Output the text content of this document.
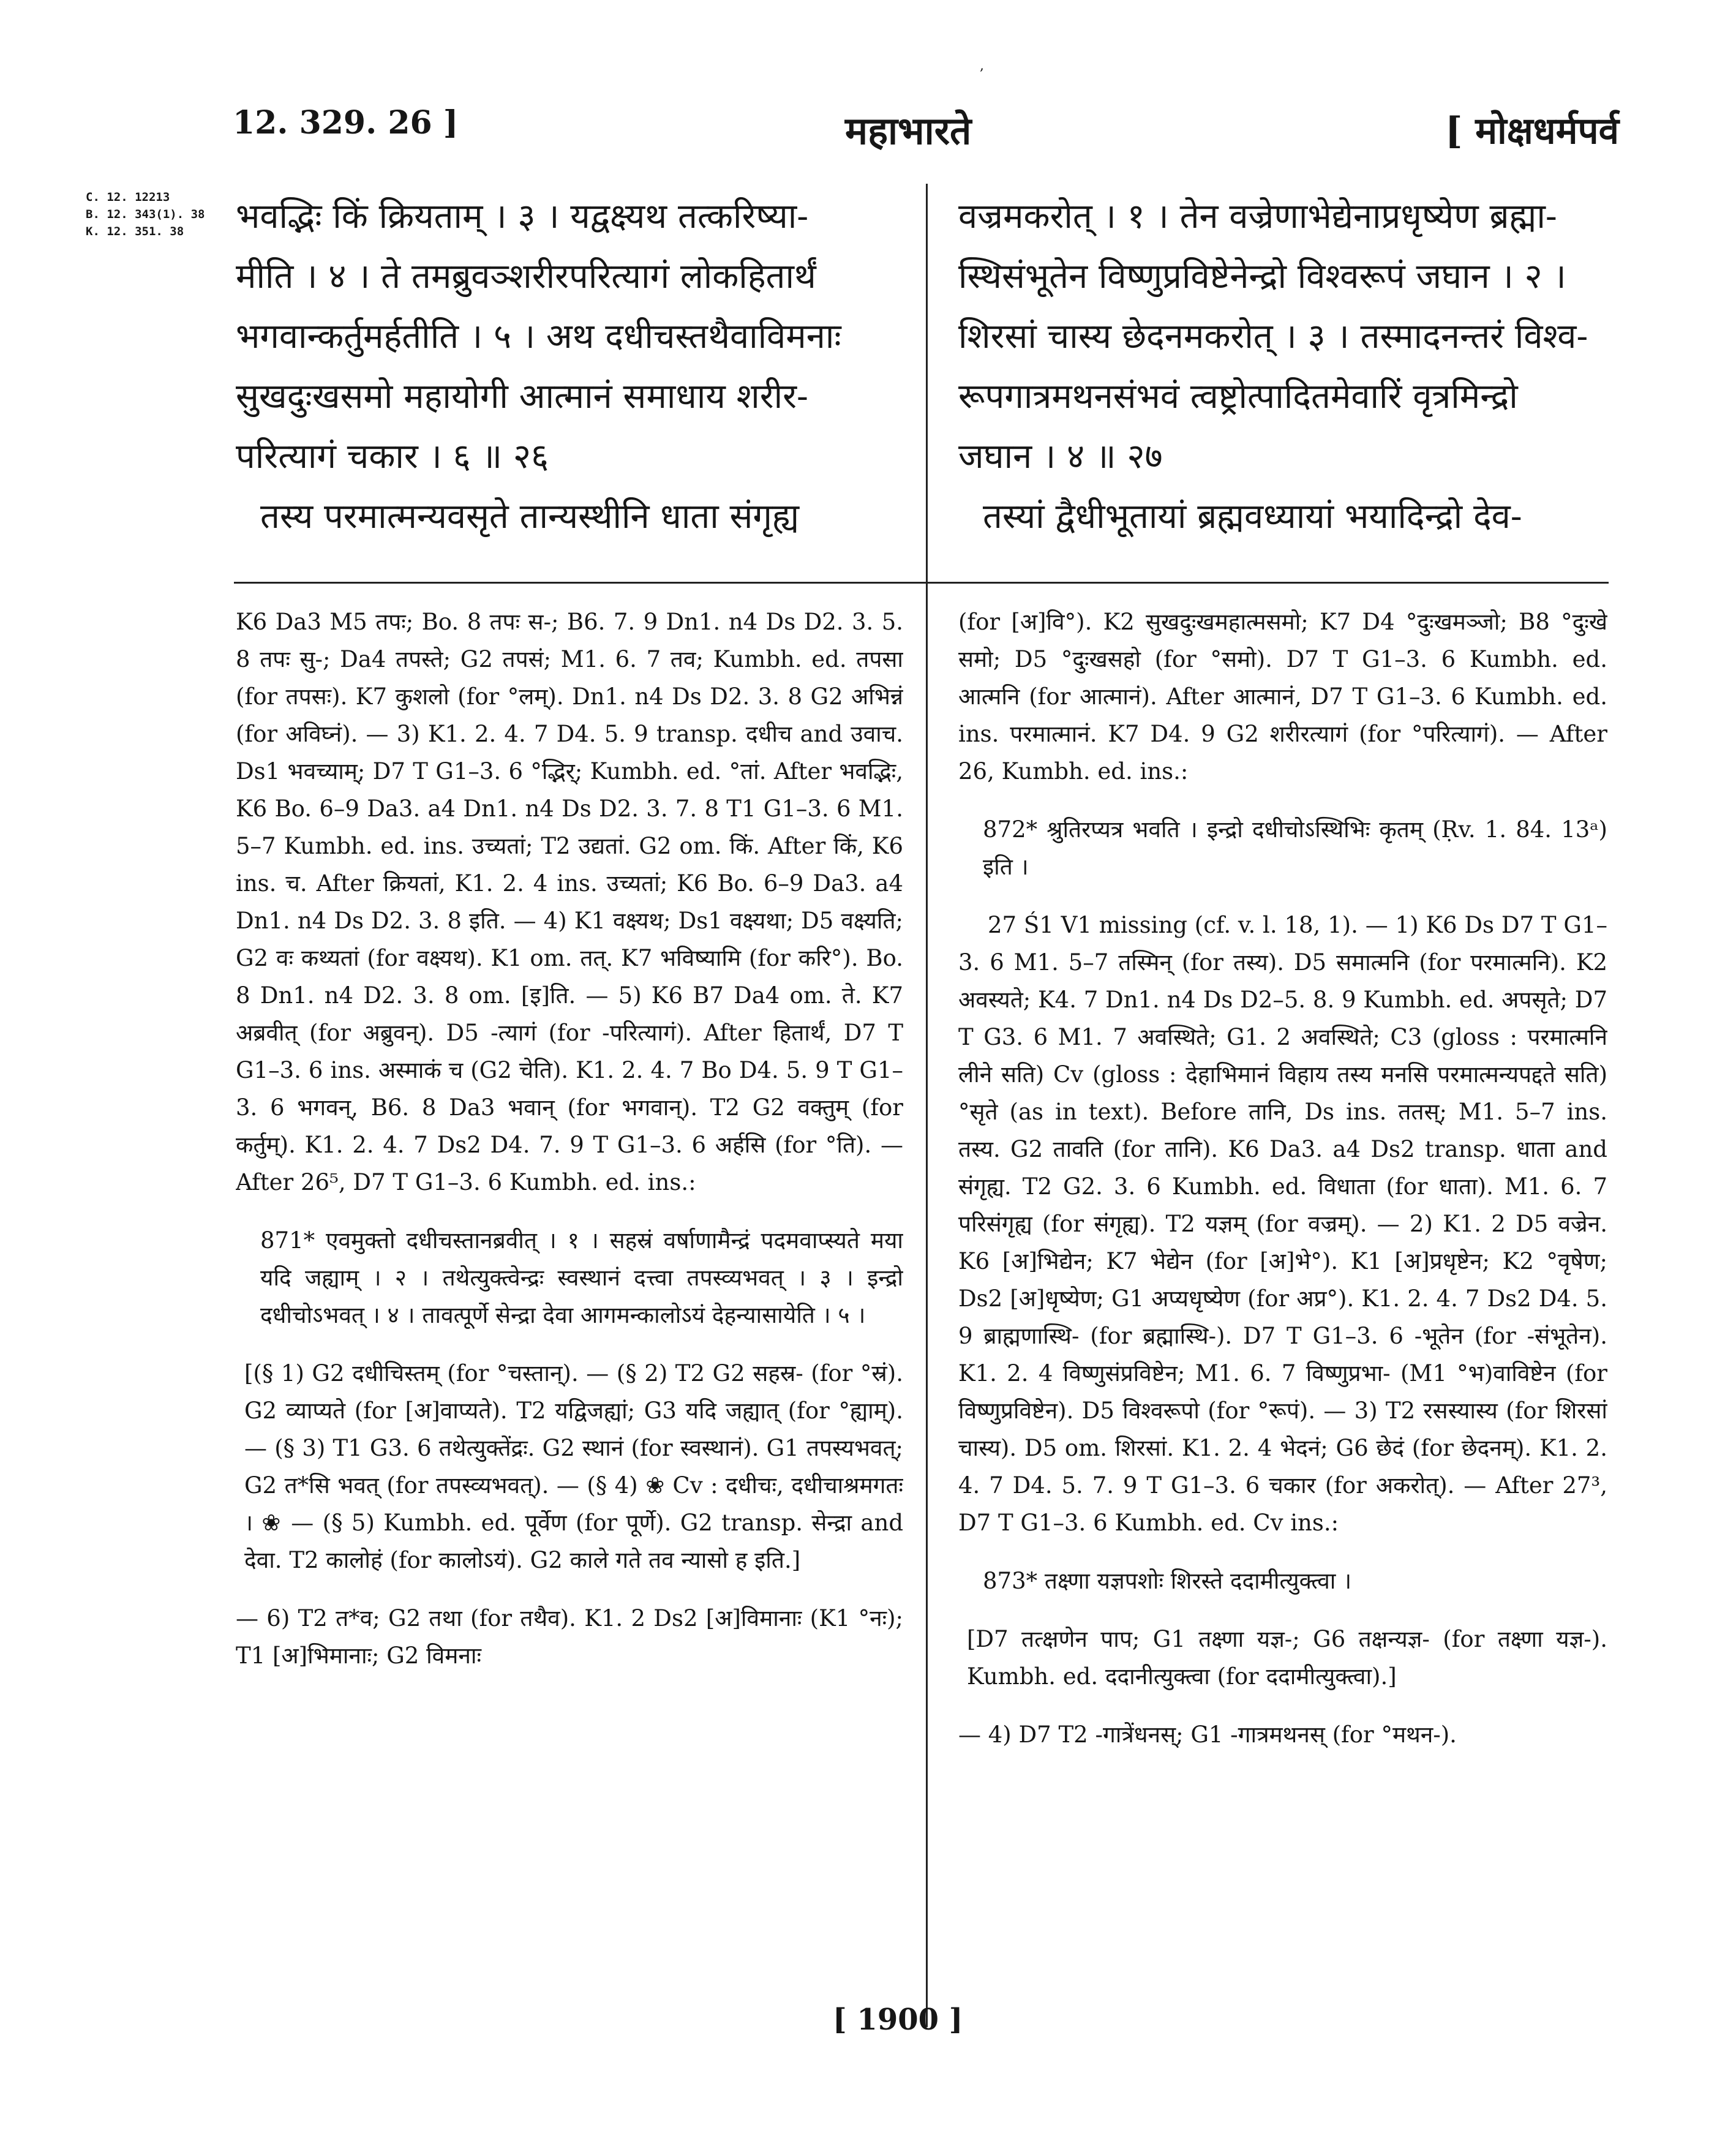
12. 329. 26 ]	महाभारते	[ मोक्षधर्मपर्व
,
C. 12. 12213
B. 12. 343(1). 38
K. 12. 351. 38	भवद्भिः किं क्रियताम् । ३ । यद्वक्ष्यथ तत्करिष्या-

मीति । ४ । ते तमब्रुवञ्शरीरपरित्यागं लोकहितार्थं

भगवान्कर्तुमर्हतीति । ५ । अथ दधीचस्तथैवाविमनाः

सुखदुःखसमो महायोगी आत्मानं समाधाय शरीर-

परित्यागं चकार । ६ ॥ २६

तस्य परमात्मन्यवसृते तान्यस्थीनि धाता संगृह्य

वज्रमकरोत् । १ । तेन वज्रेणाभेद्येनाप्रधृष्येण ब्रह्मा-

स्थिसंभूतेन विष्णुप्रविष्टेनेन्द्रो विश्वरूपं जघान । २ ।

शिरसां चास्य छेदनमकरोत् । ३ । तस्मादनन्तरं विश्व-

रूपगात्रमथनसंभवं त्वष्ट्रोत्पादितमेवारिं वृत्रमिन्द्रो

जघान । ४ ॥ २७

तस्यां द्वैधीभूतायां ब्रह्मवध्यायां भयादिन्द्रो देव-

K6 Da3 M5 तपः; Bo. 8 तपः स-; B6. 7. 9 Dn1. n4 Ds D2. 3. 5. 8 तपः सु-; Da4 तपस्ते; G2 तपसं; M1. 6. 7 तव; Kumbh. ed. तपसा (for तपसः). K7 कुशलो (for °लम्). Dn1. n4 Ds D2. 3. 8 G2 अभिन्नं (for अविघ्नं). — 3) K1. 2. 4. 7 D4. 5. 9 transp. दधीच and उवाच. Ds1 भवच्याम्; D7 T G1–3. 6 °द्भिर्; Kumbh. ed. °तां. After भवद्भिः, K6 Bo. 6–9 Da3. a4 Dn1. n4 Ds D2. 3. 7. 8 T1 G1–3. 6 M1. 5–7 Kumbh. ed. ins. उच्यतां; T2 उद्यतां. G2 om. किं. After किं, K6 ins. च. After क्रियतां, K1. 2. 4 ins. उच्यतां; K6 Bo. 6–9 Da3. a4 Dn1. n4 Ds D2. 3. 8 इति. — 4) K1 वक्ष्यथ; Ds1 वक्ष्यथा; D5 वक्ष्यति; G2 वः कथ्यतां (for वक्ष्यथ). K1 om. तत्. K7 भविष्यामि (for करि°). Bo. 8 Dn1. n4 D2. 3. 8 om. [इ]ति. — 5) K6 B7 Da4 om. ते. K7 अब्रवीत् (for अब्रुवन्). D5 -त्यागं (for -परित्यागं). After हितार्थं, D7 T G1–3. 6 ins. अस्माकं च (G2 चेति). K1. 2. 4. 7 Bo D4. 5. 9 T G1–3. 6 भगवन्, B6. 8 Da3 भवान् (for भगवान्). T2 G2 वक्तुम् (for कर्तुम्). K1. 2. 4. 7 Ds2 D4. 7. 9 T G1–3. 6 अर्हसि (for °ति). — After 26⁵, D7 T G1–3. 6 Kumbh. ed. ins.:

871* एवमुक्तो दधीचस्तानब्रवीत् । १ । सहस्रं वर्षाणामैन्द्रं पदमवाप्स्यते मया यदि जह्याम् । २ । तथेत्युक्त्वेन्द्रः स्वस्थानं दत्त्वा तपस्व्यभवत् । ३ । इन्द्रो दधीचोऽभवत् । ४ । तावत्पूर्णे सेन्द्रा देवा आगमन्कालोऽयं देहन्यासायेति । ५ ।

[(§ 1) G2 दधीचिस्तम् (for °चस्तान्). — (§ 2) T2 G2 सहस्र- (for °स्रं). G2 व्याप्यते (for [अ]वाप्यते). T2 यद्विजह्यां; G3 यदि जह्यात् (for °ह्याम्). — (§ 3) T1 G3. 6 तथेत्युक्तेंद्रः. G2 स्थानं (for स्वस्थानं). G1 तपस्यभवत्; G2 त*सि भवत् (for तपस्व्यभवत्). — (§ 4) ❀ Cv : दधीचः, दधीचाश्रमगतः । ❀ — (§ 5) Kumbh. ed. पूर्वेण (for पूर्णे). G2 transp. सेन्द्रा and देवा. T2 कालोहं (for कालोऽयं). G2 काले गते तव न्यासो ह इति.]

— 6) T2 त*व; G2 तथा (for तथैव). K1. 2 Ds2 [अ]विमानाः (K1 °नः); T1 [अ]भिमानाः; G2 विमनाः

(for [अ]वि°). K2 सुखदुःखमहात्मसमो; K7 D4 °दुःखमञ्जो; B8 °दुःखे समो; D5 °दुःखसहो (for °समो). D7 T G1–3. 6 Kumbh. ed. आत्मनि (for आत्मानं). After आत्मानं, D7 T G1–3. 6 Kumbh. ed. ins. परमात्मानं. K7 D4. 9 G2 शरीरत्यागं (for °परित्यागं). — After 26, Kumbh. ed. ins.:

872* श्रुतिरप्यत्र भवति । इन्द्रो दधीचोऽस्थिभिः कृतम् (Ṛv. 1. 84. 13ᵃ) इति ।

27 Ś1 V1 missing (cf. v. l. 18, 1). — 1) K6 Ds D7 T G1–3. 6 M1. 5–7 तस्मिन् (for तस्य). D5 समात्मनि (for परमात्मनि). K2 अवस्यते; K4. 7 Dn1. n4 Ds D2–5. 8. 9 Kumbh. ed. अपसृते; D7 T G3. 6 M1. 7 अवस्थिते; G1. 2 अवस्थिते; C3 (gloss : परमात्मनि लीने सति) Cv (gloss : देहाभिमानं विहाय तस्य मनसि परमात्मन्यपद्दते सति) °सृते (as in text). Before तानि, Ds ins. ततस्; M1. 5–7 ins. तस्य. G2 तावति (for तानि). K6 Da3. a4 Ds2 transp. धाता and संगृह्य. T2 G2. 3. 6 Kumbh. ed. विधाता (for धाता). M1. 6. 7 परिसंगृह्य (for संगृह्य). T2 यज्ञम् (for वज्रम्). — 2) K1. 2 D5 वज्रेन. K6 [अ]भिद्येन; K7 भेद्येन (for [अ]भे°). K1 [अ]प्रधृष्टेन; K2 °वृषेण; Ds2 [अ]धृष्येण; G1 अप्यधृष्येण (for अप्र°). K1. 2. 4. 7 Ds2 D4. 5. 9 ब्राह्मणास्थि- (for ब्रह्मास्थि-). D7 T G1–3. 6 -भूतेन (for -संभूतेन). K1. 2. 4 विष्णुसंप्रविष्टेन; M1. 6. 7 विष्णुप्रभा- (M1 °भ)वाविष्टेन (for विष्णुप्रविष्टेन). D5 विश्वरूपो (for °रूपं). — 3) T2 रसस्यास्य (for शिरसां चास्य). D5 om. शिरसां. K1. 2. 4 भेदनं; G6 छेदं (for छेदनम्). K1. 2. 4. 7 D4. 5. 7. 9 T G1–3. 6 चकार (for अकरोत्). — After 27³, D7 T G1–3. 6 Kumbh. ed. Cv ins.:

873* तक्ष्णा यज्ञपशोः शिरस्ते ददामीत्युक्त्वा ।

[D7 तत्क्षणेन पाप; G1 तक्ष्णा यज्ञ-; G6 तक्षन्यज्ञ- (for तक्ष्णा यज्ञ-). Kumbh. ed. ददानीत्युक्त्वा (for ददामीत्युक्त्वा).]

— 4) D7 T2 -गात्रेंधनस्; G1 -गात्रमथनस् (for °मथन-).

[ 1900 ]
